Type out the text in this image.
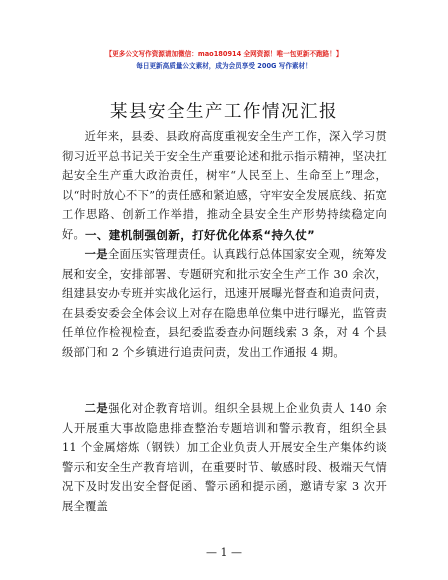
【更多公文写作资源请加微信：mao180914 全网资源！唯一包更新不跑路！】
每日更新高质量公文素材，成为会员享受 200G 写作素材！
某县安全生产工作情况汇报
近年来，县委、县政府高度重视安全生产工作，深入学习贯彻习近平总书记关于安全生产重要论述和批示指示精神，坚决扛起安全生产重大政治责任，树牢“人民至上、生命至上”理念，以“时时放心不下”的责任感和紧迫感，守牢安全发展底线、拓宽工作思路、创新工作举措，推动全县安全生产形势持续稳定向好。 一、建机制强创新，打好优化体系“持久仗”
一是全面压实管理责任。认真践行总体国家安全观，统筹发展和安全，安排部署、专题研究和批示安全生产工作 30 余次，组建县安办专班并实战化运行，迅速开展曝光督查和追责问责，在县委安委会全体会议上对存在隐患单位集中进行曝光，监管责任单位作检视检查，县纪委监委查办问题线索 3 条，对 4 个县级部门和 2 个乡镇进行追责问责，发出工作通报 4 期。
二是强化对企教育培训。组织全县规上企业负责人 140 余人开展重大事故隐患排查整治专题培训和警示教育，组织全县 11 个金属熔炼（钢铁）加工企业负责人开展安全生产集体约谈警示和安全生产教育培训，在重要时节、敏感时段、极端天气情况下及时发出安全督促函、警示函和提示函，邀请专家 3 次开展全覆盖
— 1 —
